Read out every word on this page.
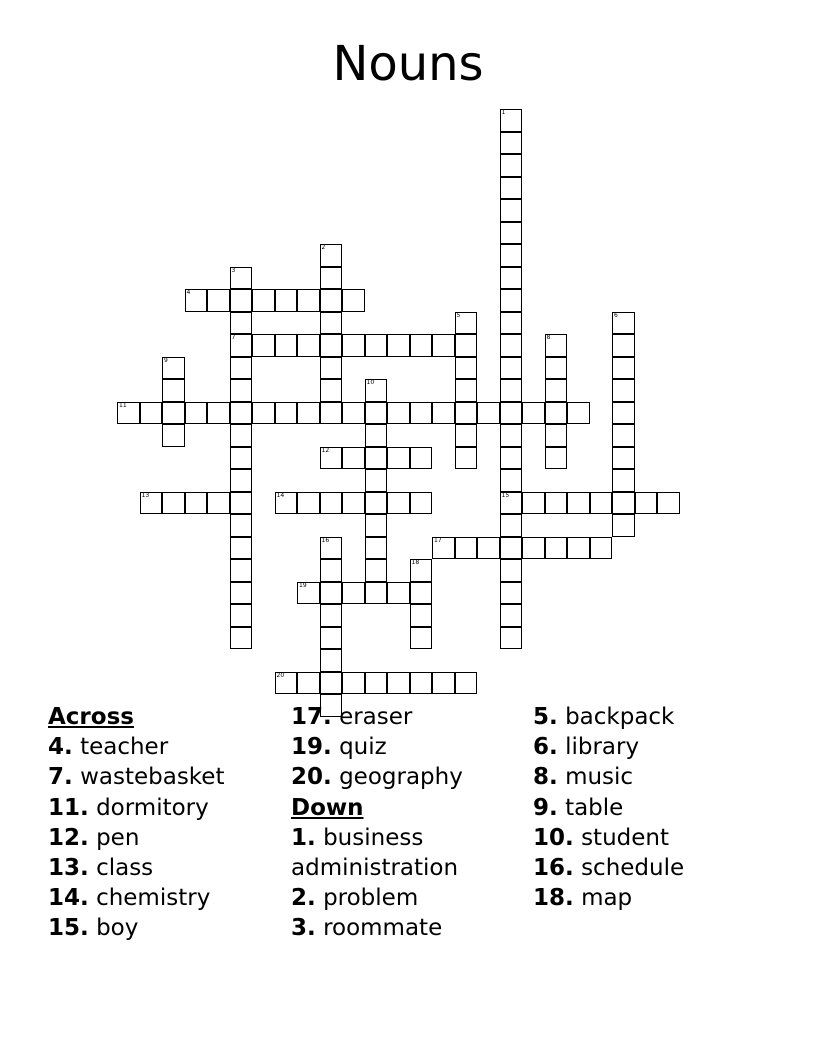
Nouns
1
15
2
3
7
4
5	6
8
9
10
11
12
13	14
16	17
18
19
20
Across
4. teacher
7. wastebasket
11. dormitory
12. pen
13. class
14. chemistry
15. boy
17. eraser
19. quiz
20. geography
Down
1. business administration
2. problem
3. roommate
5. backpack
6. library
8. music
9. table
10. student
16. schedule
18. map
